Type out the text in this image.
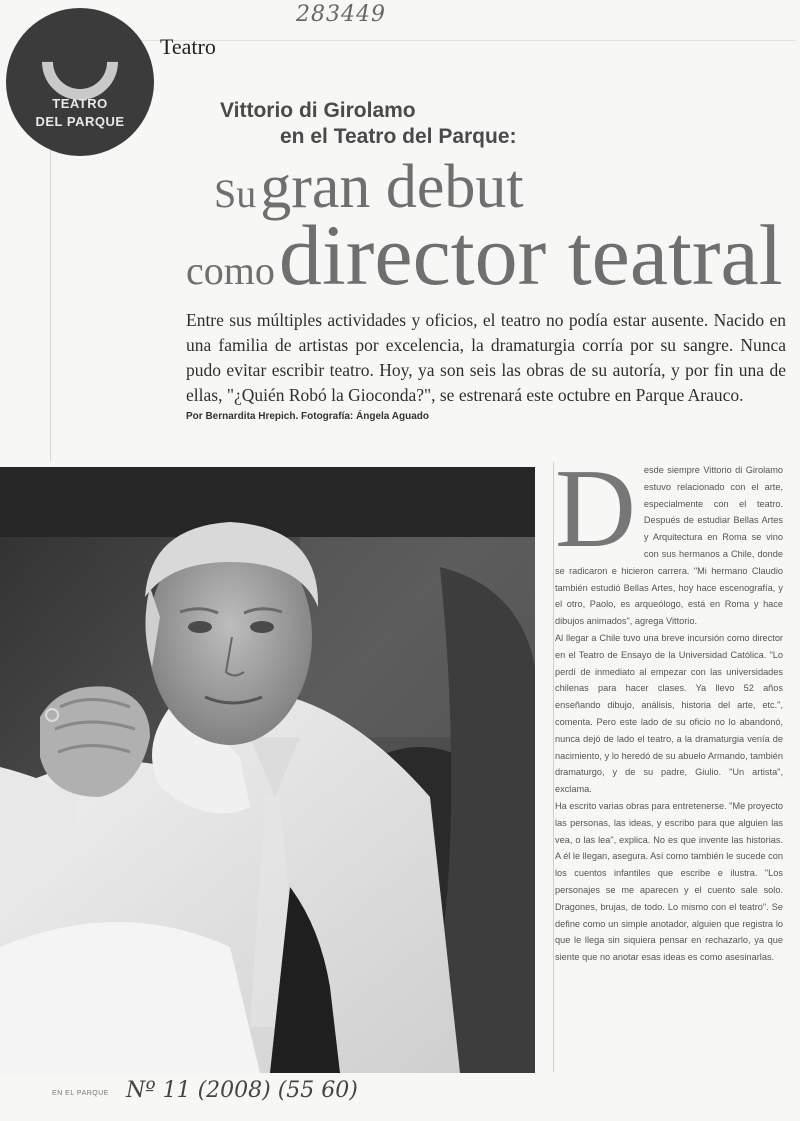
283449
TEATRO
DEL PARQUE
Teatro
Vittorio di Girolamo
en el Teatro del Parque:
Su gran debut
como director teatral
Entre sus múltiples actividades y oficios, el teatro no podía estar ausente. Nacido en una familia de artistas por excelencia, la dramaturgia corría por su sangre. Nunca pudo evitar escribir teatro. Hoy, ya son seis las obras de su autoría, y por fin una de ellas, "¿Quién Robó la Gioconda?", se estrenará este octubre en Parque Arauco.
Por Bernardita Hrepich. Fotografía: Ángela Aguado
D esde siempre Vittorio di Girolamo estuvo relacionado con el arte, especialmente con el teatro. Después de estudiar Bellas Artes y Arquitectura en Roma se vino con sus hermanos a Chile, donde se radicaron e hicieron carrera. "Mi hermano Claudio también estudió Bellas Artes, hoy hace escenografía, y el otro, Paolo, es arqueólogo, está en Roma y hace dibujos animados", agrega Vittorio.

Al llegar a Chile tuvo una breve incursión como director en el Teatro de Ensayo de la Universidad Católica. "Lo perdí de inmediato al empezar con las universidades chilenas para hacer clases. Ya llevo 52 años enseñando dibujo, análisis, historia del arte, etc.", comenta. Pero este lado de su oficio no lo abandonó, nunca dejó de lado el teatro, a la dramaturgia venía de nacimiento, y lo heredó de su abuelo Armando, también dramaturgo, y de su padre, Giulio. "Un artista", exclama.

Ha escrito varias obras para entretenerse. "Me proyecto las personas, las ideas, y escribo para que alguien las vea, o las lea", explica. No es que invente las historias. A él le llegan, asegura. Así como también le sucede con los cuentos infantiles que escribe e ilustra. "Los personajes se me aparecen y el cuento sale solo. Dragones, brujas, de todo. Lo mismo con el teatro". Se define como un simple anotador, alguien que registra lo que le llega sin siquiera pensar en rechazarlo, ya que siente que no anotar esas ideas es como asesinarlas.

EN EL PARQUE Nº 11 (2008) (55 60)
